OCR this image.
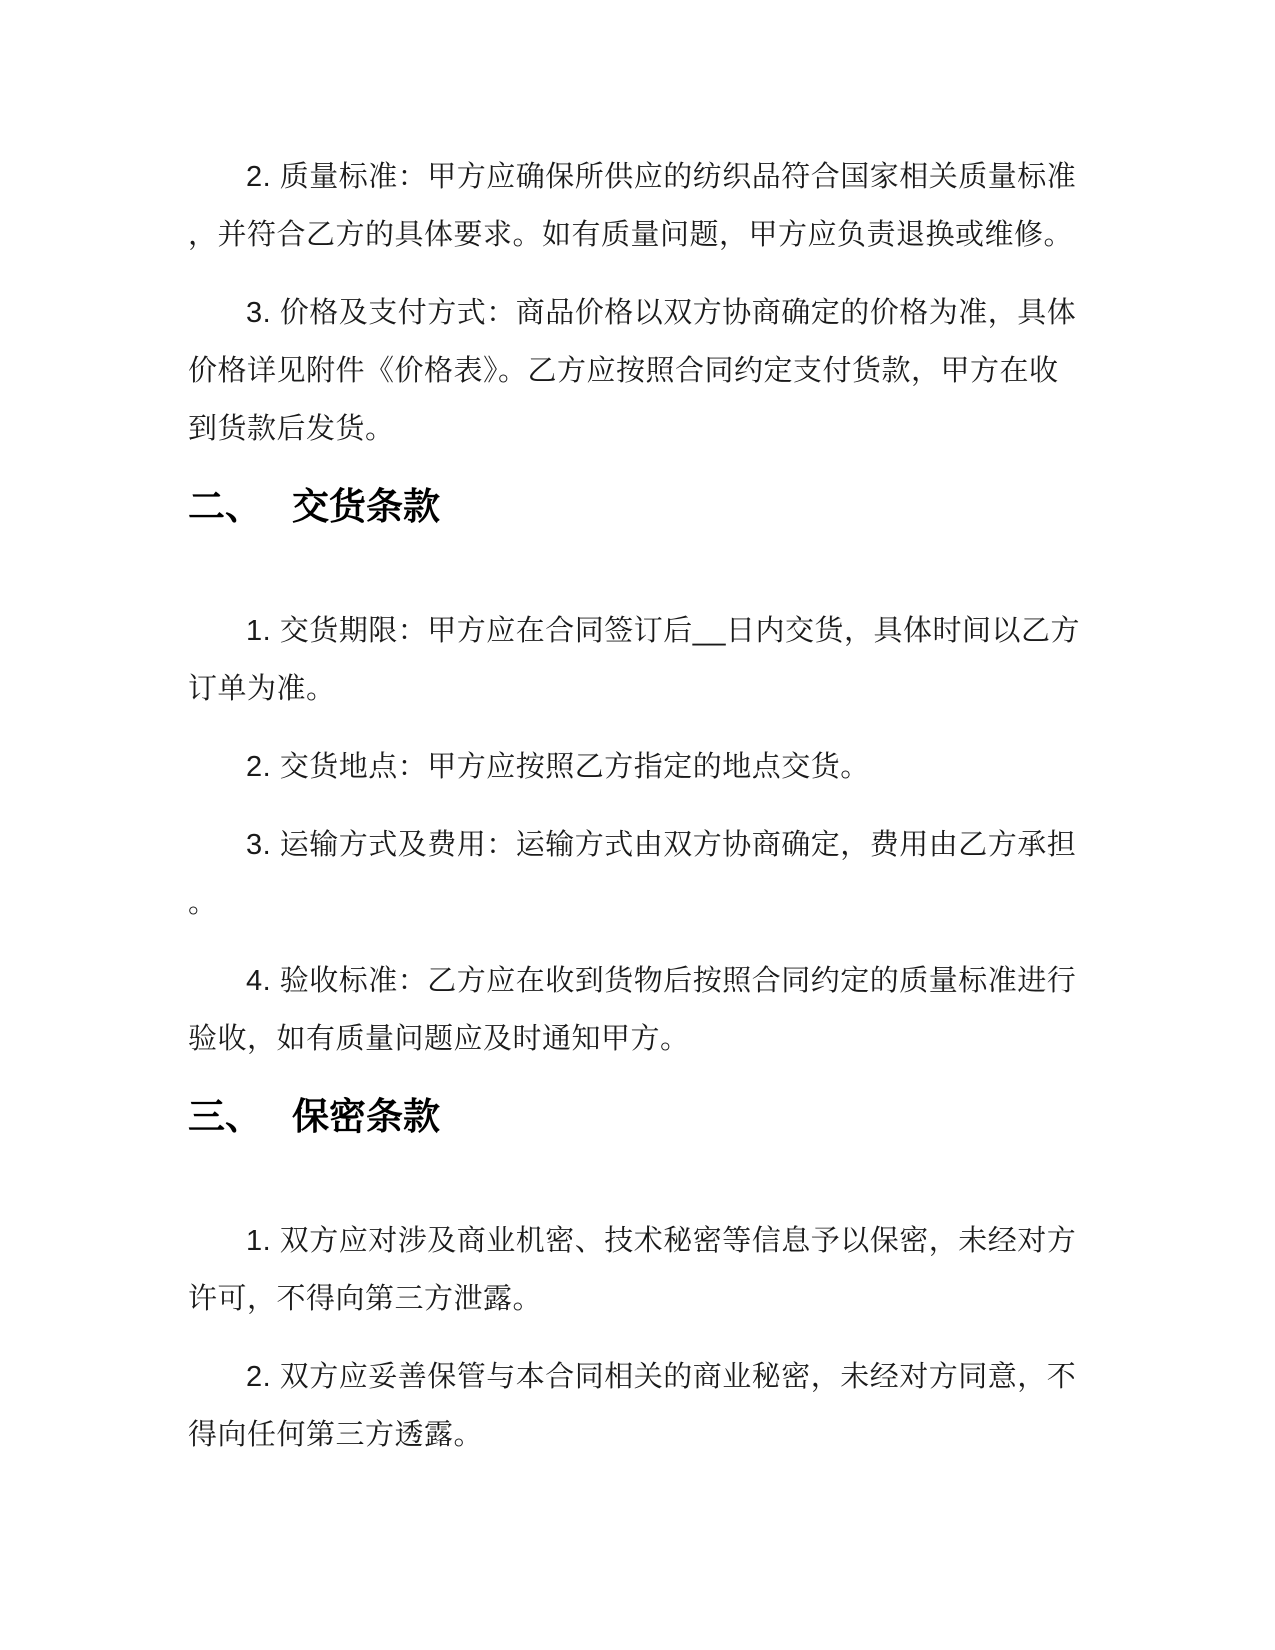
2. 质量标准：甲方应确保所供应的纺织品符合国家相关质量标准
，并符合乙方的具体要求。如有质量问题，甲方应负责退换或维修。
3. 价格及支付方式：商品价格以双方协商确定的价格为准，具体
价格详见附件《价格表》。乙方应按照合同约定支付货款，甲方在收
到货款后发货。
二、 交货条款
1. 交货期限：甲方应在合同签订后__日内交货，具体时间以乙方
订单为准。
2. 交货地点：甲方应按照乙方指定的地点交货。
3. 运输方式及费用：运输方式由双方协商确定，费用由乙方承担
。
4. 验收标准：乙方应在收到货物后按照合同约定的质量标准进行
验收，如有质量问题应及时通知甲方。
三、 保密条款
1. 双方应对涉及商业机密、技术秘密等信息予以保密，未经对方
许可，不得向第三方泄露。
2. 双方应妥善保管与本合同相关的商业秘密，未经对方同意，不
得向任何第三方透露。
